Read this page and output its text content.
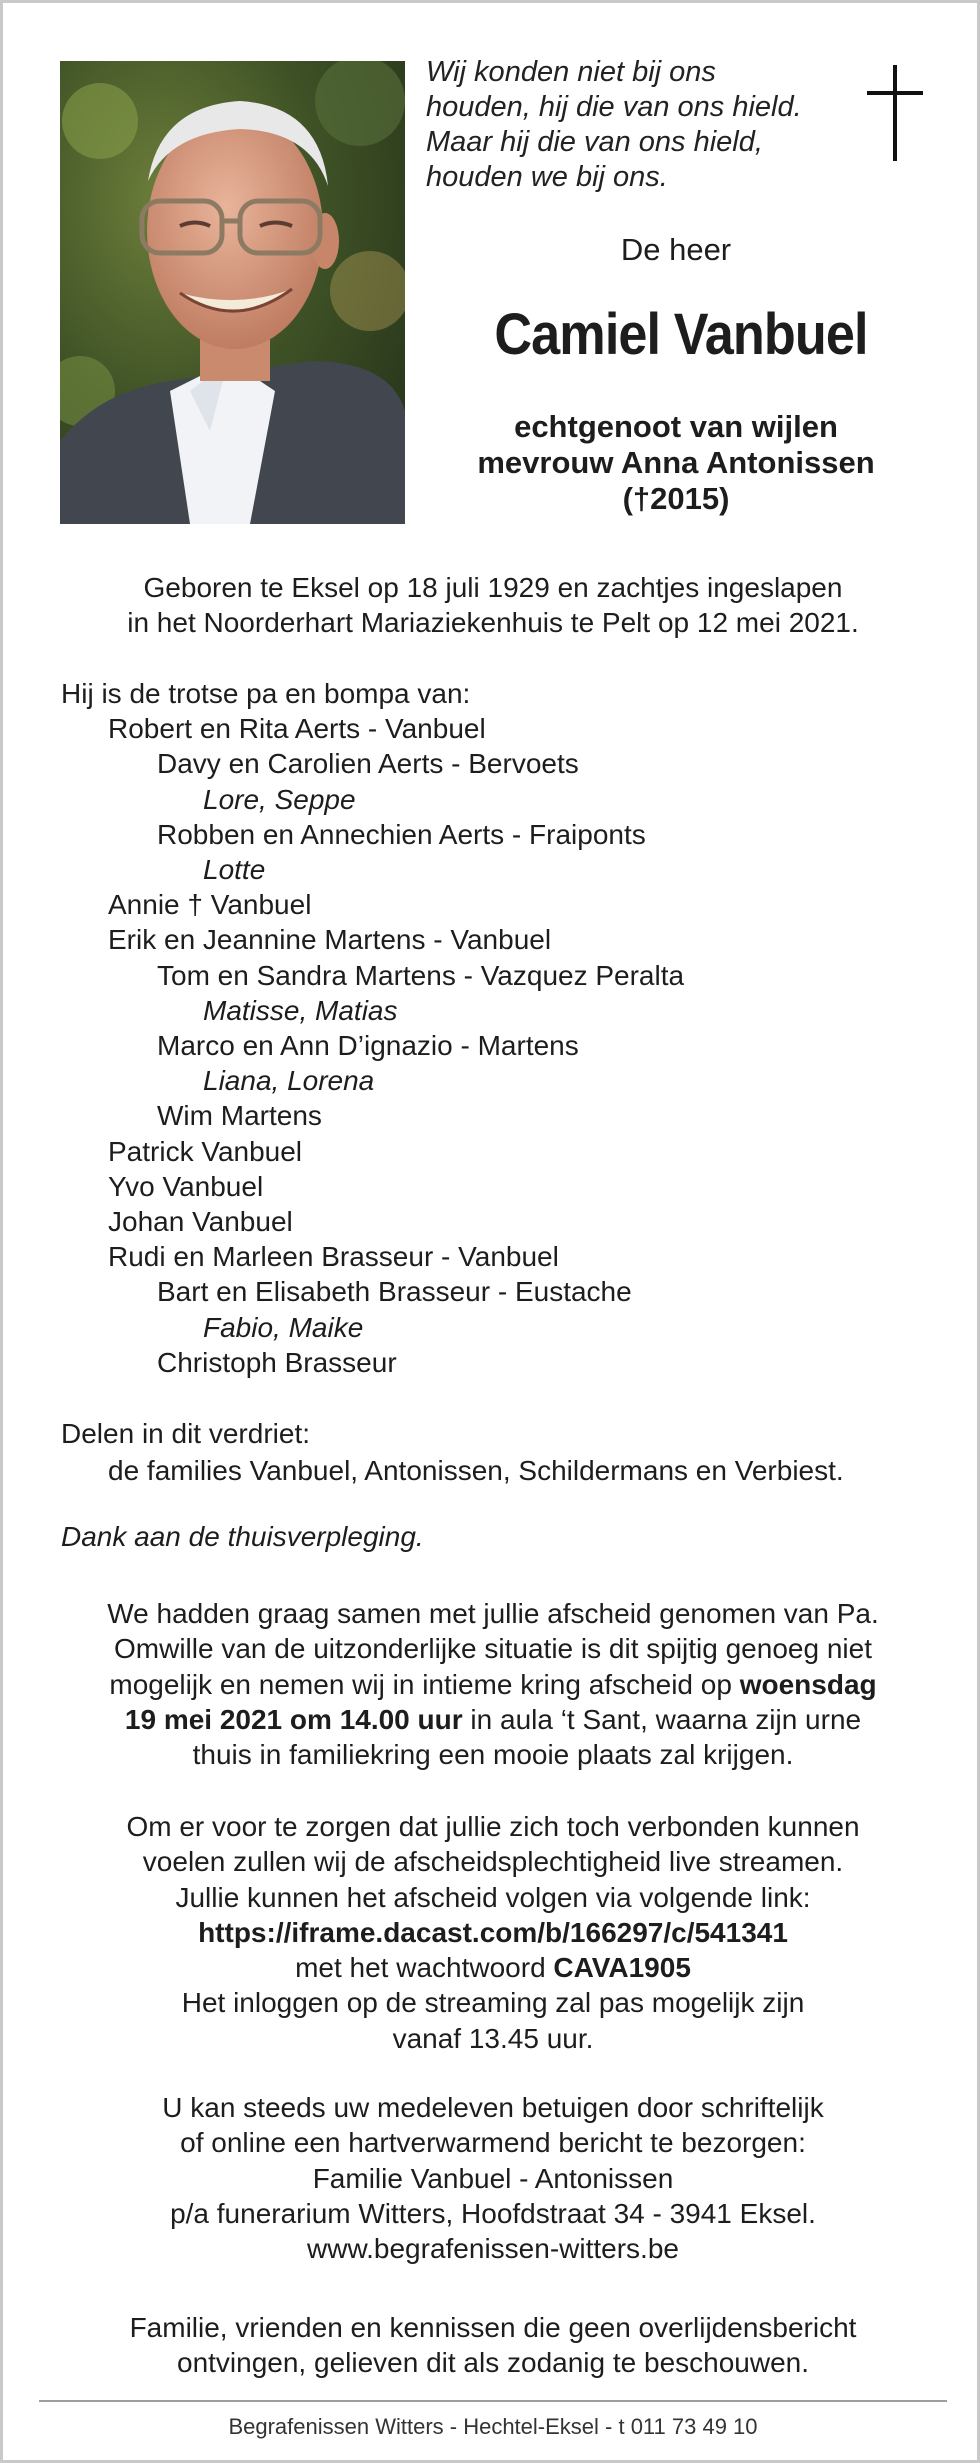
Wij konden niet bij ons
houden, hij die van ons hield.
Maar hij die van ons hield,
houden we bij ons.
De heer
Camiel Vanbuel
echtgenoot van wijlen
mevrouw Anna Antonissen
(†2015)
Geboren te Eksel op 18 juli 1929 en zachtjes ingeslapen
in het Noorderhart Mariaziekenhuis te Pelt op 12 mei 2021.
Hij is de trotse pa en bompa van:
Robert en Rita Aerts - Vanbuel
Davy en Carolien Aerts - Bervoets
Lore, Seppe
Robben en Annechien Aerts - Fraiponts
Lotte
Annie † Vanbuel
Erik en Jeannine Martens - Vanbuel
Tom en Sandra Martens - Vazquez Peralta
Matisse, Matias
Marco en Ann D’ignazio - Martens
Liana, Lorena
Wim Martens
Patrick Vanbuel
Yvo Vanbuel
Johan Vanbuel
Rudi en Marleen Brasseur - Vanbuel
Bart en Elisabeth Brasseur - Eustache
Fabio, Maike
Christoph Brasseur
Delen in dit verdriet:
de families Vanbuel, Antonissen, Schildermans en Verbiest.
Dank aan de thuisverpleging.
We hadden graag samen met jullie afscheid genomen van Pa.
Omwille van de uitzonderlijke situatie is dit spijtig genoeg niet
mogelijk en nemen wij in intieme kring afscheid op woensdag
19 mei 2021 om 14.00 uur in aula ‘t Sant, waarna zijn urne
thuis in familiekring een mooie plaats zal krijgen.
Om er voor te zorgen dat jullie zich toch verbonden kunnen
voelen zullen wij de afscheidsplechtigheid live streamen.
Jullie kunnen het afscheid volgen via volgende link:
https://iframe.dacast.com/b/166297/c/541341
met het wachtwoord CAVA1905
Het inloggen op de streaming zal pas mogelijk zijn
vanaf 13.45 uur.
U kan steeds uw medeleven betuigen door schriftelijk
of online een hartverwarmend bericht te bezorgen:
Familie Vanbuel - Antonissen
p/a funerarium Witters, Hoofdstraat 34 - 3941 Eksel.
www.begrafenissen-witters.be
Familie, vrienden en kennissen die geen overlijdensbericht
ontvingen, gelieven dit als zodanig te beschouwen.
Begrafenissen Witters - Hechtel-Eksel - t 011 73 49 10
